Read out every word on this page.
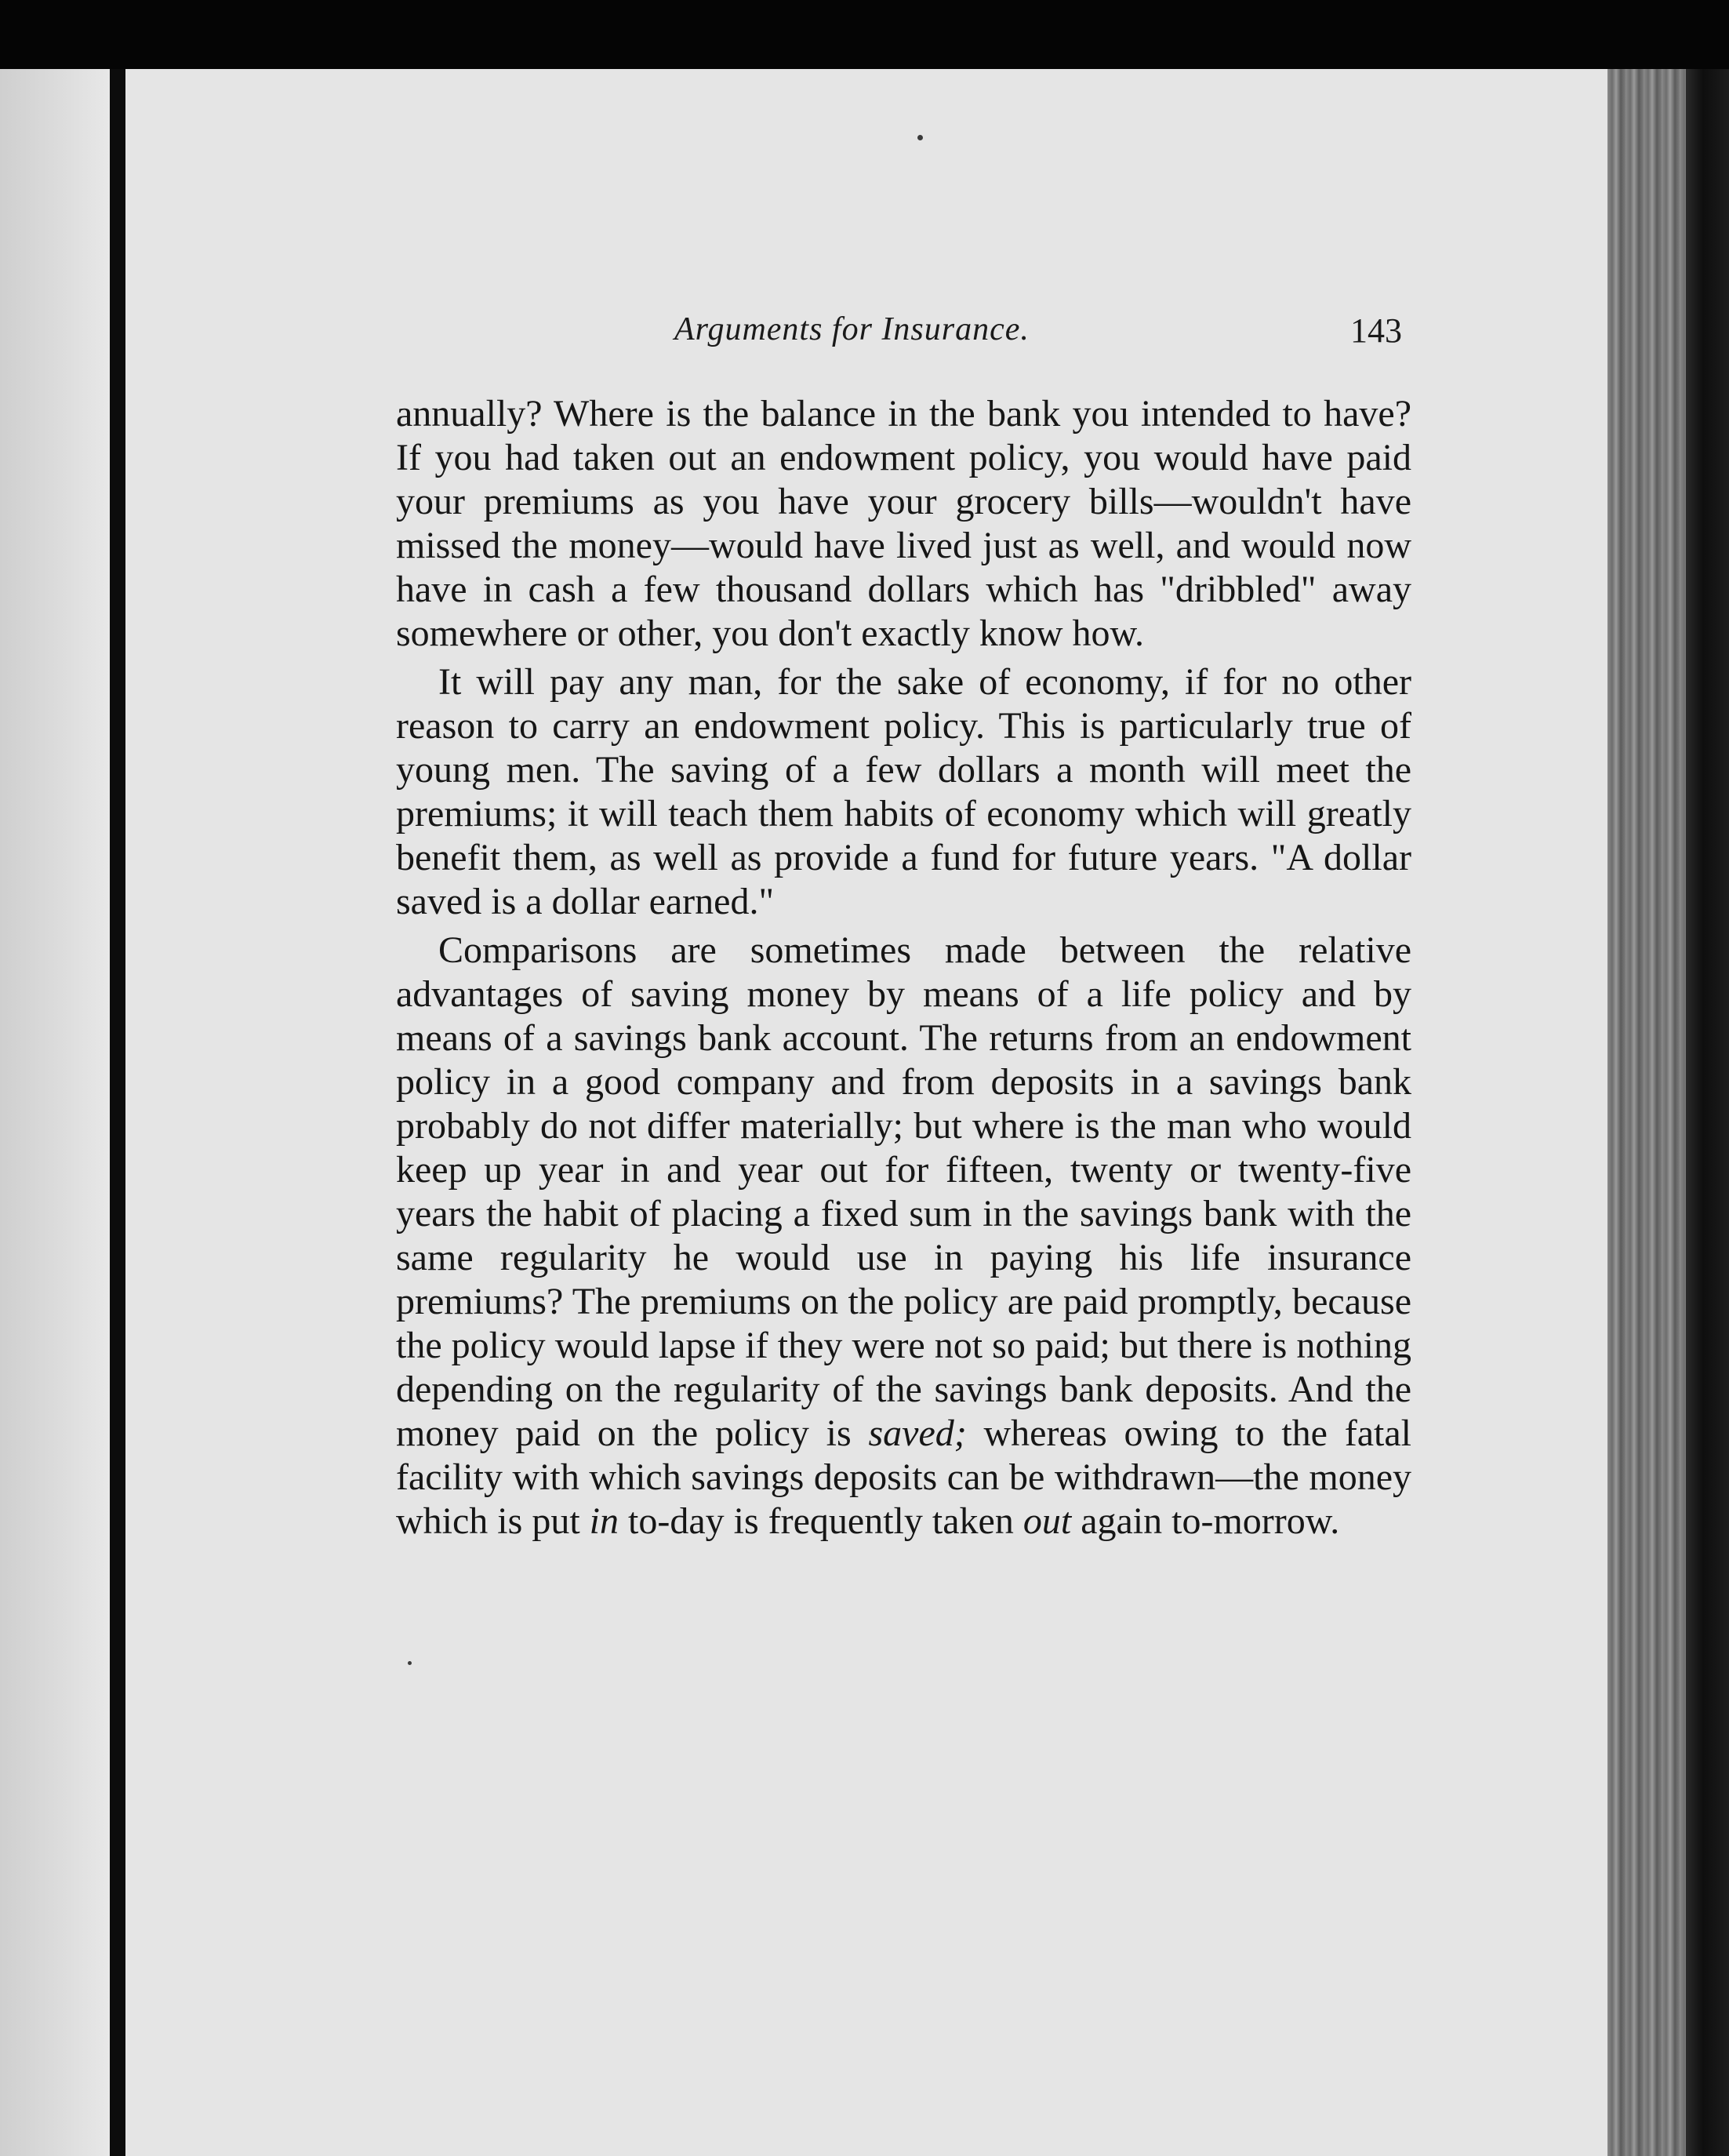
Arguments for Insurance.	143

annually? Where is the balance in the bank you intended to have? If you had taken out an endowment policy, you would have paid your premiums as you have your grocery bills—wouldn't have missed the money—would have lived just as well, and would now have in cash a few thousand dollars which has "dribbled" away somewhere or other, you don't exactly know how.

It will pay any man, for the sake of economy, if for no other reason to carry an endowment policy. This is particularly true of young men. The saving of a few dollars a month will meet the premiums; it will teach them habits of economy which will greatly benefit them, as well as provide a fund for future years. "A dollar saved is a dollar earned."

Comparisons are sometimes made between the relative advantages of saving money by means of a life policy and by means of a savings bank account. The returns from an endowment policy in a good company and from deposits in a savings bank probably do not differ materially; but where is the man who would keep up year in and year out for fifteen, twenty or twenty-five years the habit of placing a fixed sum in the savings bank with the same regularity he would use in paying his life insurance premiums? The premiums on the policy are paid promptly, because the policy would lapse if they were not so paid; but there is nothing depending on the regularity of the savings bank deposits. And the money paid on the policy is saved; whereas owing to the fatal facility with which savings deposits can be withdrawn—the money which is put in to-day is frequently taken out again to-morrow.
